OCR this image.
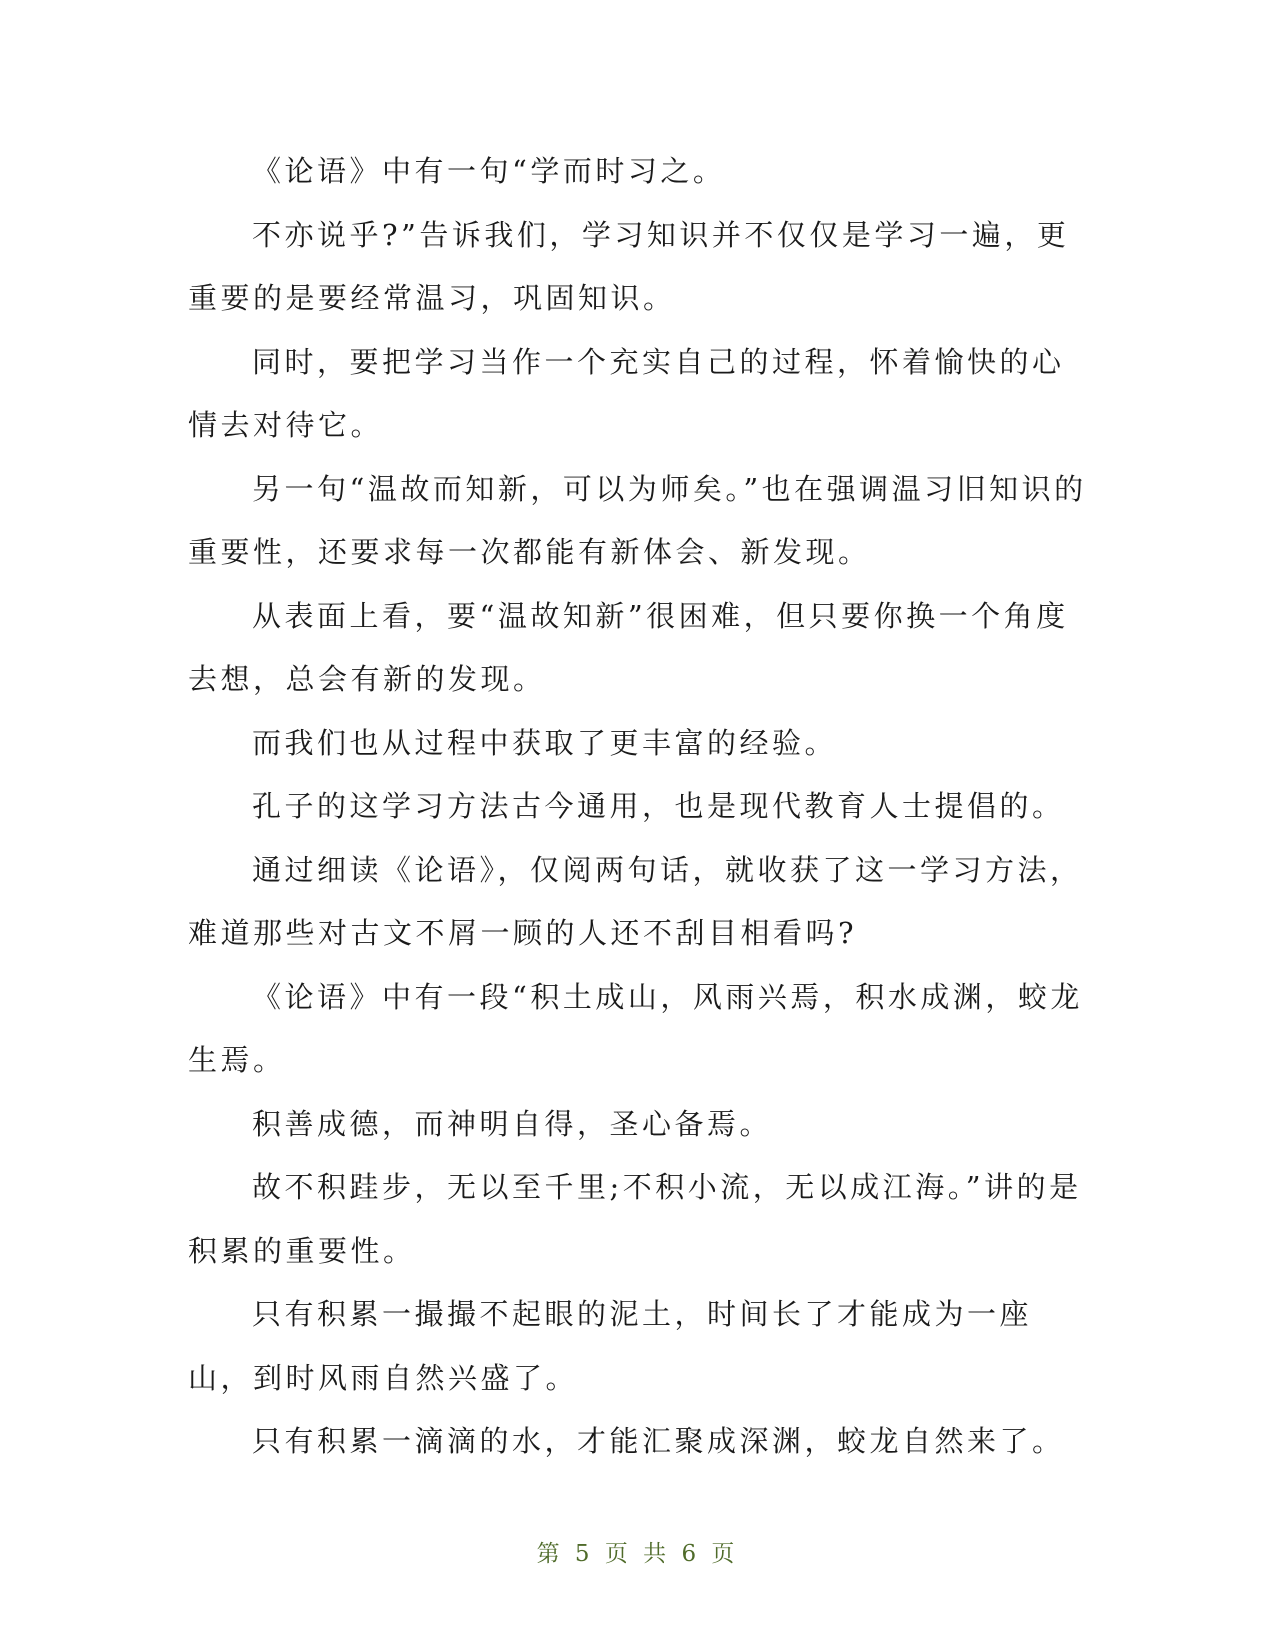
《论语》中有一句“学而时习之。

不亦说乎?”告诉我们，学习知识并不仅仅是学习一遍，更重要的是要经常温习，巩固知识。

同时，要把学习当作一个充实自己的过程，怀着愉快的心情去对待它。

另一句“温故而知新，可以为师矣。”也在强调温习旧知识的重要性，还要求每一次都能有新体会、新发现。

从表面上看，要“温故知新”很困难，但只要你换一个角度去想，总会有新的发现。

而我们也从过程中获取了更丰富的经验。

孔子的这学习方法古今通用，也是现代教育人士提倡的。

通过细读《论语》，仅阅两句话，就收获了这一学习方法，难道那些对古文不屑一顾的人还不刮目相看吗?

《论语》中有一段“积土成山，风雨兴焉，积水成渊，蛟龙生焉。

积善成德，而神明自得，圣心备焉。

故不积跬步，无以至千里;不积小流，无以成江海。”讲的是积累的重要性。

只有积累一撮撮不起眼的泥土，时间长了才能成为一座山，到时风雨自然兴盛了。

只有积累一滴滴的水，才能汇聚成深渊，蛟龙自然来了。

第 5 页 共 6 页
